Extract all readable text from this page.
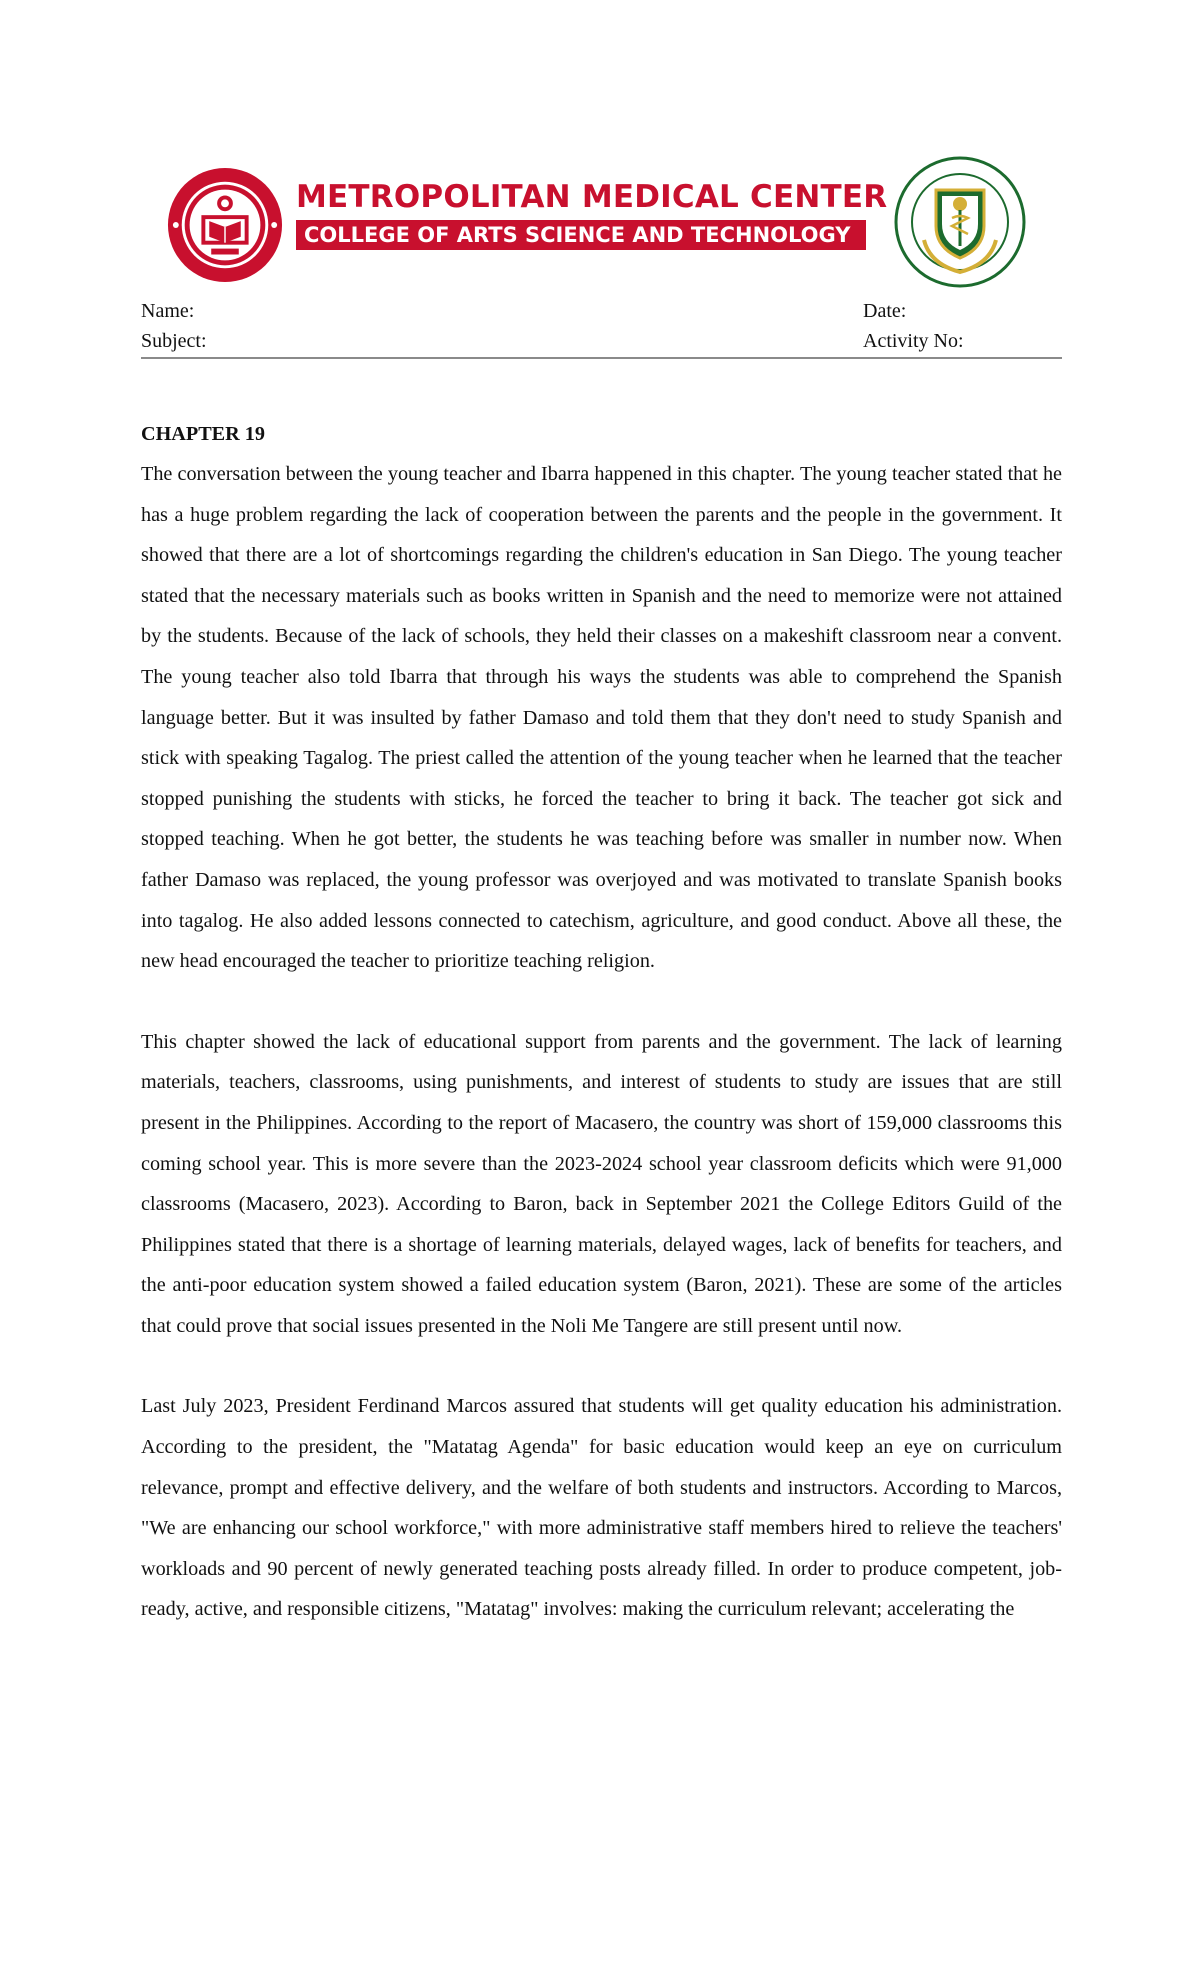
METROPOLITAN MEDICAL CENTER
COLLEGE OF ARTS SCIENCE AND TECHNOLOGY
Name:	Date:
Subject:	Activity No:

CHAPTER 19

The conversation between the young teacher and Ibarra happened in this chapter. The young teacher stated that he has a huge problem regarding the lack of cooperation between the parents and the people in the government. It showed that there are a lot of shortcomings regarding the children's education in San Diego. The young teacher stated that the necessary materials such as books written in Spanish and the need to memorize were not attained by the students. Because of the lack of schools, they held their classes on a makeshift classroom near a convent. The young teacher also told Ibarra that through his ways the students was able to comprehend the Spanish language better. But it was insulted by father Damaso and told them that they don't need to study Spanish and stick with speaking Tagalog. The priest called the attention of the young teacher when he learned that the teacher stopped punishing the students with sticks, he forced the teacher to bring it back. The teacher got sick and stopped teaching. When he got better, the students he was teaching before was smaller in number now. When father Damaso was replaced, the young professor was overjoyed and was motivated to translate Spanish books into tagalog. He also added lessons connected to catechism, agriculture, and good conduct. Above all these, the new head encouraged the teacher to prioritize teaching religion.

This chapter showed the lack of educational support from parents and the government. The lack of learning materials, teachers, classrooms, using punishments, and interest of students to study are issues that are still present in the Philippines. According to the report of Macasero, the country was short of 159,000 classrooms this coming school year. This is more severe than the 2023-2024 school year classroom deficits which were 91,000 classrooms (Macasero, 2023). According to Baron, back in September 2021 the College Editors Guild of the Philippines stated that there is a shortage of learning materials, delayed wages, lack of benefits for teachers, and the anti-poor education system showed a failed education system (Baron, 2021). These are some of the articles that could prove that social issues presented in the Noli Me Tangere are still present until now.

Last July 2023, President Ferdinand Marcos assured that students will get quality education his administration. According to the president, the "Matatag Agenda" for basic education would keep an eye on curriculum relevance, prompt and effective delivery, and the welfare of both students and instructors. According to Marcos, "We are enhancing our school workforce," with more administrative staff members hired to relieve the teachers' workloads and 90 percent of newly generated teaching posts already filled. In order to produce competent, job-ready, active, and responsible citizens, "Matatag" involves: making the curriculum relevant; accelerating the
